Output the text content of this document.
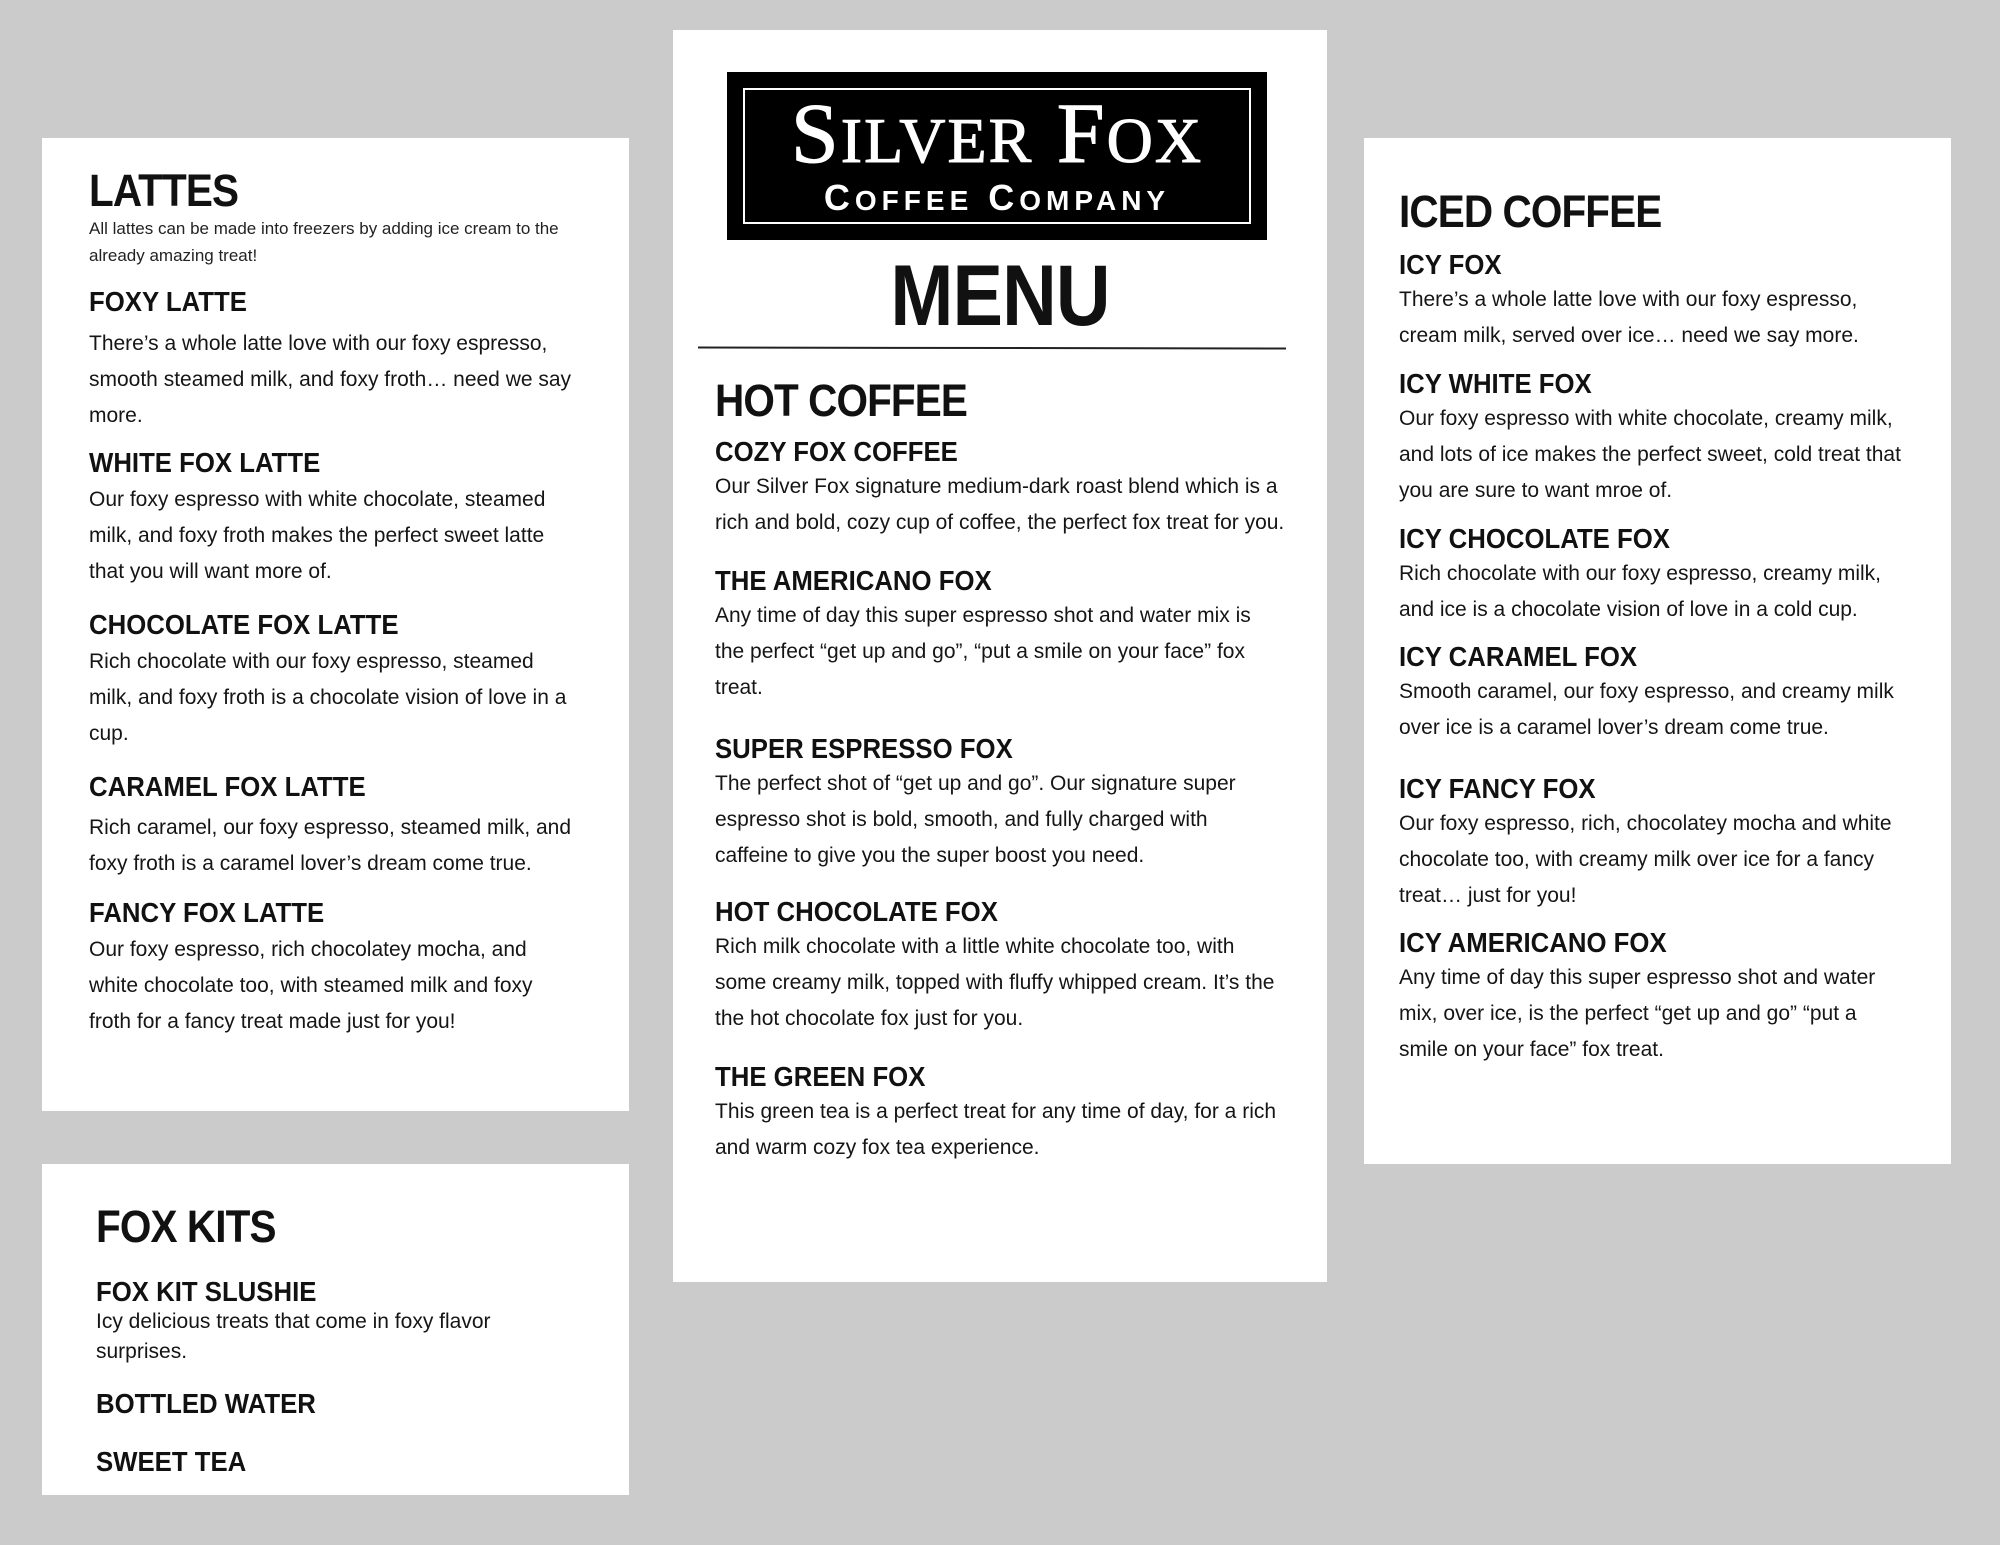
LATTES

All lattes can be made into freezers by adding ice cream to the already amazing treat!

FOXY LATTE

There’s a whole latte love with our foxy espresso, smooth steamed milk, and foxy froth… need we say more.

WHITE FOX LATTE

Our foxy espresso with white chocolate, steamed milk, and foxy froth makes the perfect sweet latte that you will want more of.

CHOCOLATE FOX LATTE

Rich chocolate with our foxy espresso, steamed milk, and foxy froth is a chocolate vision of love in a cup.

CARAMEL FOX LATTE

Rich caramel, our foxy espresso, steamed milk, and foxy froth is a caramel lover’s dream come true.

FANCY FOX LATTE

Our foxy espresso, rich chocolatey mocha, and white chocolate too, with steamed milk and foxy froth for a fancy treat made just for you!

FOX KITS
FOX KIT SLUSHIE

Icy delicious treats that come in foxy flavor surprises.

BOTTLED WATER
SWEET TEA
SILVER FOX
COFFEE COMPANY
MENU
HOT COFFEE
COZY FOX COFFEE

Our Silver Fox signature medium-dark roast blend which is a rich and bold, cozy cup of coffee, the perfect fox treat for you.

THE AMERICANO FOX

Any time of day this super espresso shot and water mix is the perfect “get up and go”, “put a smile on your face” fox treat.

SUPER ESPRESSO FOX

The perfect shot of “get up and go”. Our signature super espresso shot is bold, smooth, and fully charged with caffeine to give you the super boost you need.

HOT CHOCOLATE FOX

Rich milk chocolate with a little white chocolate too, with some creamy milk, topped with fluffy whipped cream. It’s the the hot chocolate fox just for you.

THE GREEN FOX

This green tea is a perfect treat for any time of day, for a rich and warm cozy fox tea experience.

ICED COFFEE
ICY FOX

There’s a whole latte love with our foxy espresso, cream milk, served over ice… need we say more.

ICY WHITE FOX

Our foxy espresso with white chocolate, creamy milk, and lots of ice makes the perfect sweet, cold treat that you are sure to want mroe of.

ICY CHOCOLATE FOX

Rich chocolate with our foxy espresso, creamy milk, and ice is a chocolate vision of love in a cold cup.

ICY CARAMEL FOX

Smooth caramel, our foxy espresso, and creamy milk over ice is a caramel lover’s dream come true.

ICY FANCY FOX

Our foxy espresso, rich, chocolatey mocha and white chocolate too, with creamy milk over ice for a fancy treat… just for you!

ICY AMERICANO FOX

Any time of day this super espresso shot and water mix, over ice, is the perfect “get up and go” “put a smile on your face” fox treat.
